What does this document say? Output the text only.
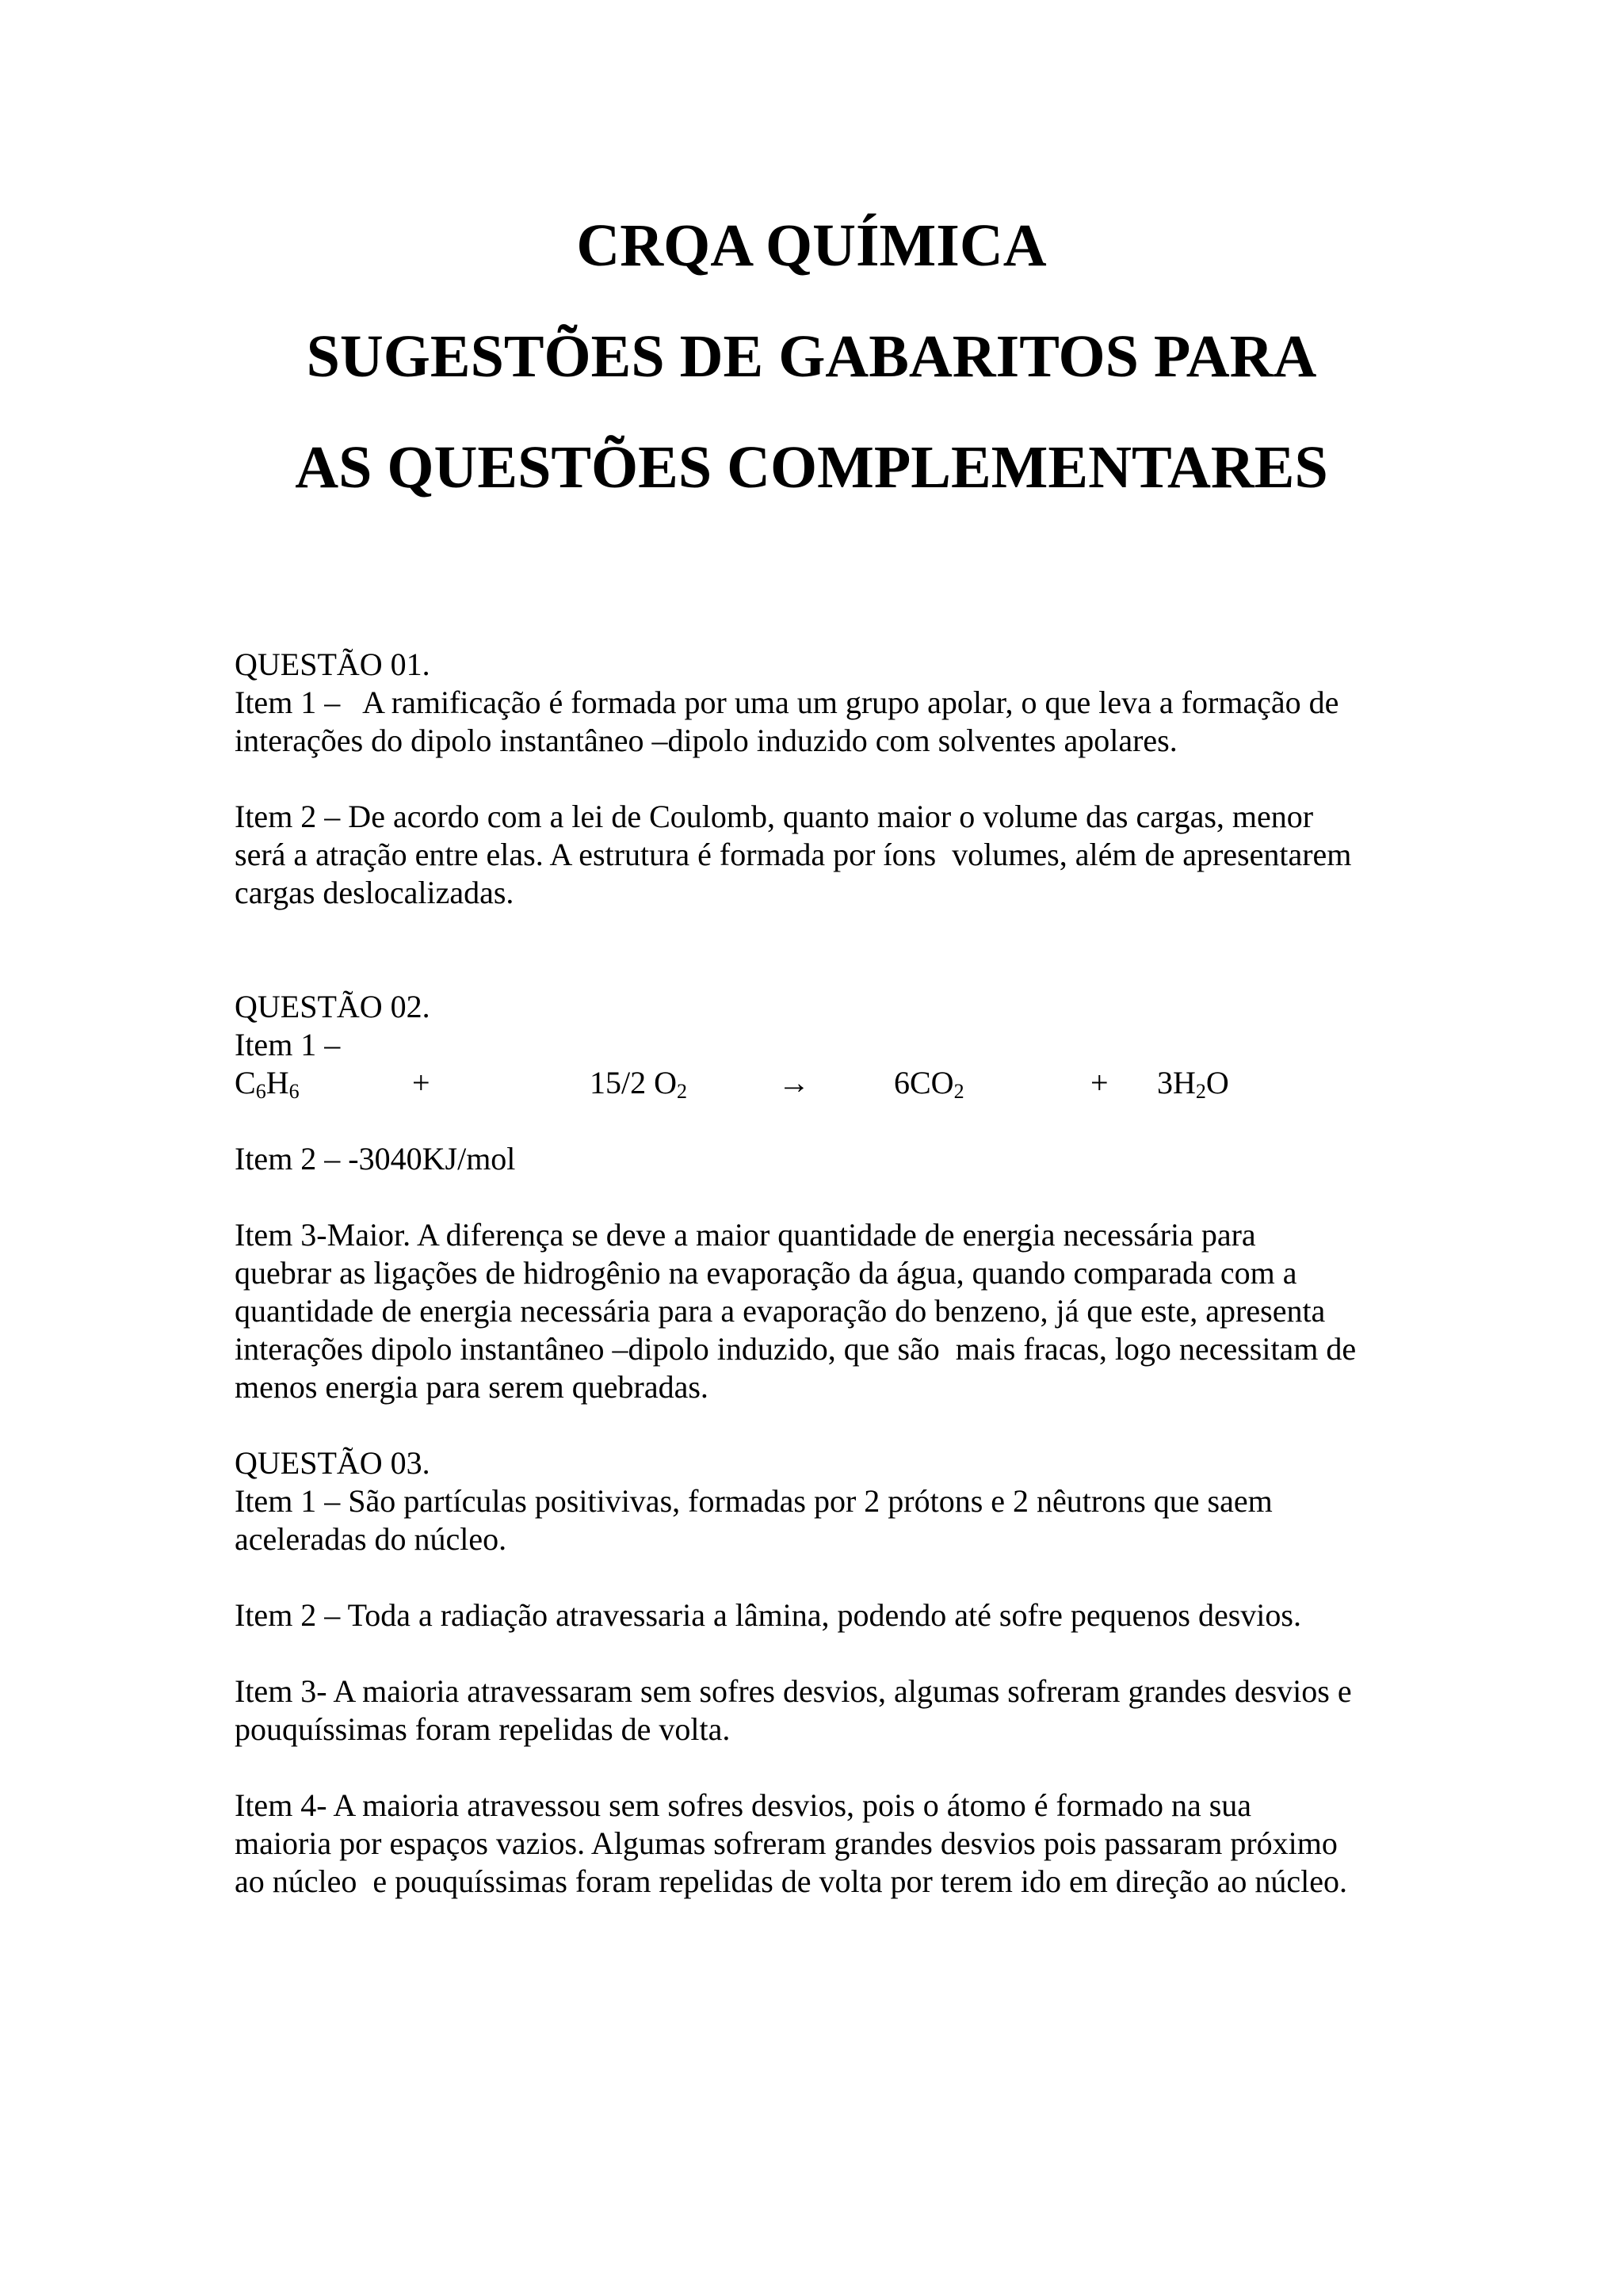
CRQA QUÍMICA
SUGESTÕES DE GABARITOS PARA
AS QUESTÕES COMPLEMENTARES

QUESTÃO 01.

Item 1 –   A ramificação é formada por uma um grupo apolar, o que leva a formação de

interações do dipolo instantâneo –dipolo induzido com solventes apolares.

Item 2 – De acordo com a lei de Coulomb, quanto maior o volume das cargas, menor

será a atração entre elas. A estrutura é formada por íons  volumes, além de apresentarem

cargas deslocalizadas.

QUESTÃO 02.

Item 1 –

$C_6H_6$	+	15/2 $O_2$	→	$6CO_2$	+ $3H_2O$

Item 2 – -3040KJ/mol

Item 3-Maior. A diferença se deve a maior quantidade de energia necessária para

quebrar as ligações de hidrogênio na evaporação da água, quando comparada com a

quantidade de energia necessária para a evaporação do benzeno, já que este, apresenta

interações dipolo instantâneo –dipolo induzido, que são  mais fracas, logo necessitam de

menos energia para serem quebradas.

QUESTÃO 03.

Item 1 – São partículas positivivas, formadas por 2 prótons e 2 nêutrons que saem

aceleradas do núcleo.

Item 2 – Toda a radiação atravessaria a lâmina, podendo até sofre pequenos desvios.

Item 3- A maioria atravessaram sem sofres desvios, algumas sofreram grandes desvios e

pouquíssimas foram repelidas de volta.

Item 4- A maioria atravessou sem sofres desvios, pois o átomo é formado na sua

maioria por espaços vazios. Algumas sofreram grandes desvios pois passaram próximo

ao núcleo  e pouquíssimas foram repelidas de volta por terem ido em direção ao núcleo.
